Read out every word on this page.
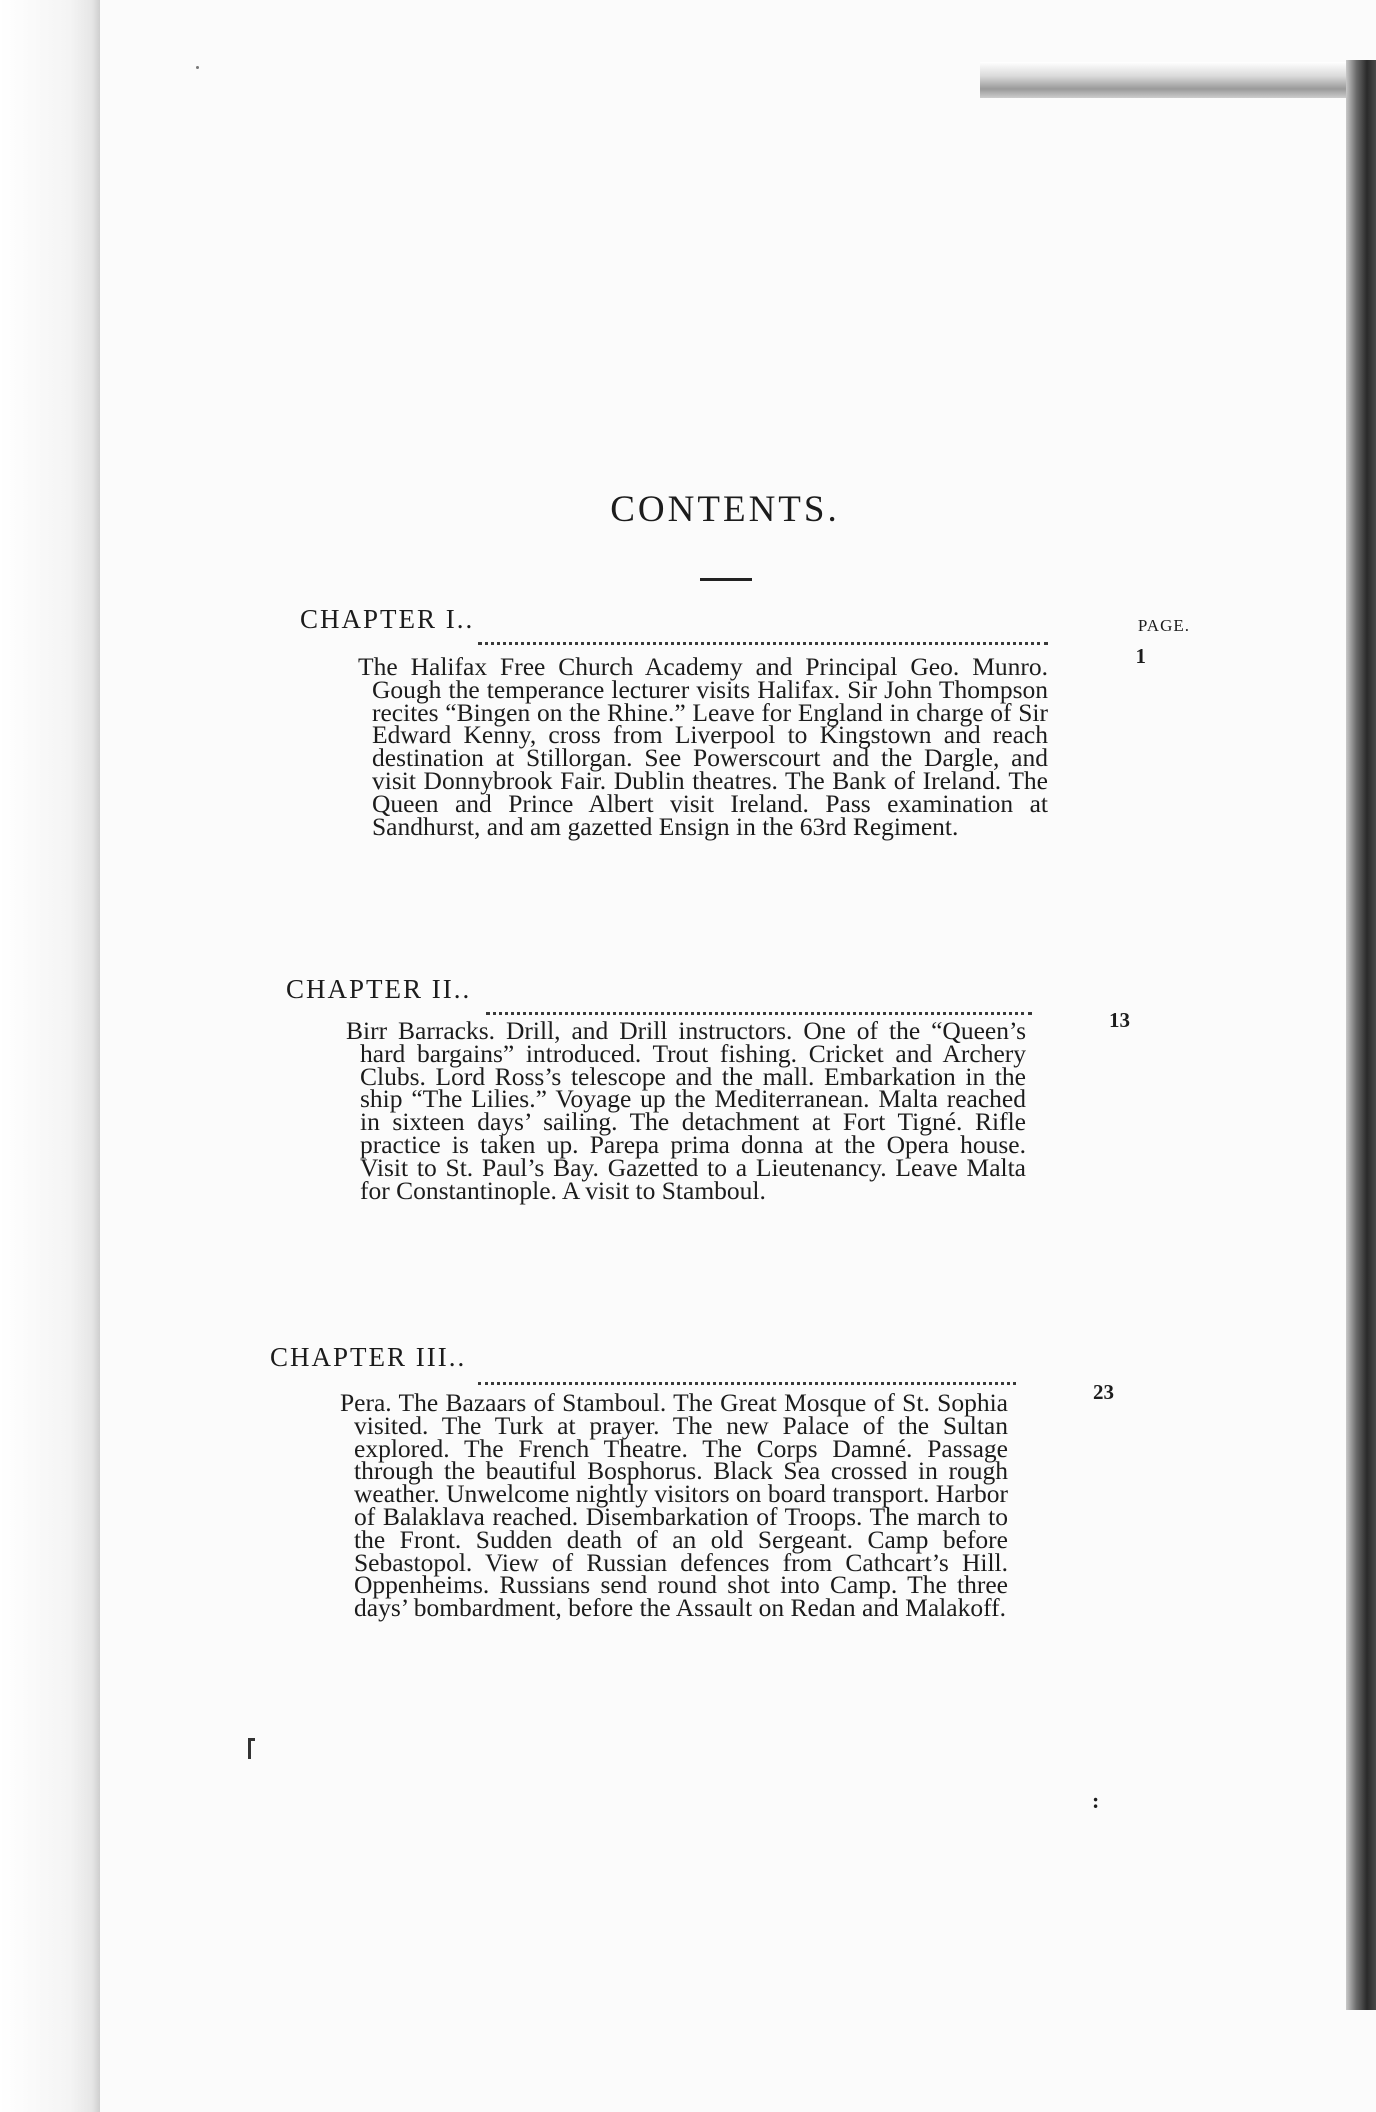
CONTENTS.
PAGE.
CHAPTER I..
1
The Halifax Free Church Academy and Principal Geo. Munro. Gough the temperance lecturer visits Halifax. Sir John Thompson recites “Bingen on the Rhine.” Leave for England in charge of Sir Edward Kenny, cross from Liverpool to Kingstown and reach destination at Stillorgan. See Powerscourt and the Dargle, and visit Donnybrook Fair. Dublin theatres. The Bank of Ireland. The Queen and Prince Albert visit Ireland. Pass examination at Sandhurst, and am gazetted Ensign in the 63rd Regiment.
CHAPTER II..
13
Birr Barracks. Drill, and Drill instructors. One of the “Queen’s hard bargains” introduced. Trout fishing. Cricket and Archery Clubs. Lord Ross’s telescope and the mall. Embarkation in the ship “The Lilies.” Voyage up the Mediterranean. Malta reached in sixteen days’ sailing. The detachment at Fort Tigné. Rifle practice is taken up. Parepa prima donna at the Opera house. Visit to St. Paul’s Bay. Gazetted to a Lieutenancy. Leave Malta for Constantinople. A visit to Stamboul.
CHAPTER III..
23
Pera. The Bazaars of Stamboul. The Great Mosque of St. Sophia visited. The Turk at prayer. The new Palace of the Sultan explored. The French Theatre. The Corps Damné. Passage through the beautiful Bosphorus. Black Sea crossed in rough weather. Unwelcome nightly visitors on board transport. Harbor of Balaklava reached. Disembarkation of Troops. The march to the Front. Sudden death of an old Sergeant. Camp before Sebastopol. View of Russian defences from Cathcart’s Hill. Oppenheims. Russians send round shot into Camp. The three days’ bombardment, before the Assault on Redan and Malakoff.
:
